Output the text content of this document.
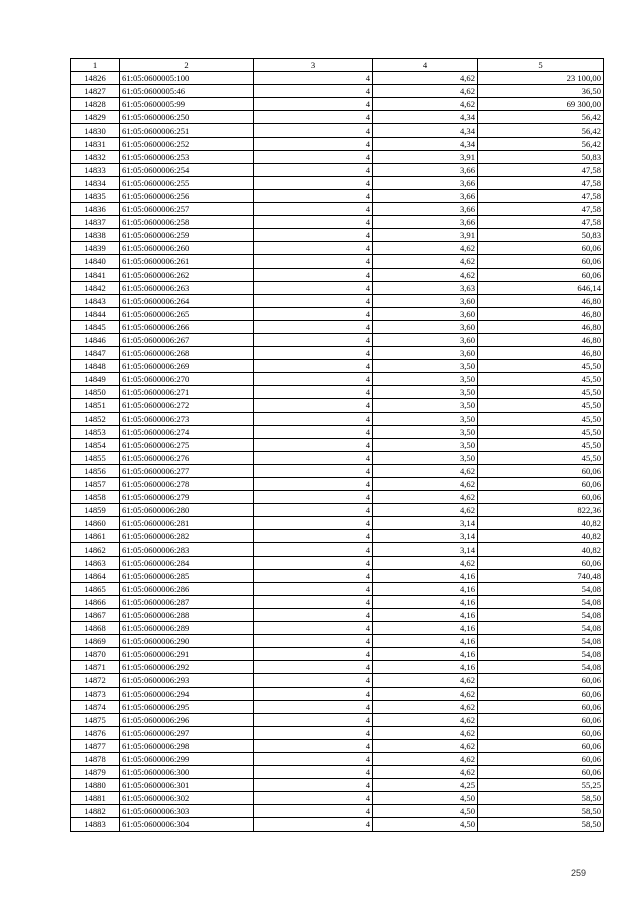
1	2	3	4	5
14826	61:05:0600005:100	4	4,62	23 100,00
14827	61:05:0600005:46	4	4,62	36,50
14828	61:05:0600005:99	4	4,62	69 300,00
14829	61:05:0600006:250	4	4,34	56,42
14830	61:05:0600006:251	4	4,34	56,42
14831	61:05:0600006:252	4	4,34	56,42
14832	61:05:0600006:253	4	3,91	50,83
14833	61:05:0600006:254	4	3,66	47,58
14834	61:05:0600006:255	4	3,66	47,58
14835	61:05:0600006:256	4	3,66	47,58
14836	61:05:0600006:257	4	3,66	47,58
14837	61:05:0600006:258	4	3,66	47,58
14838	61:05:0600006:259	4	3,91	50,83
14839	61:05:0600006:260	4	4,62	60,06
14840	61:05:0600006:261	4	4,62	60,06
14841	61:05:0600006:262	4	4,62	60,06
14842	61:05:0600006:263	4	3,63	646,14
14843	61:05:0600006:264	4	3,60	46,80
14844	61:05:0600006:265	4	3,60	46,80
14845	61:05:0600006:266	4	3,60	46,80
14846	61:05:0600006:267	4	3,60	46,80
14847	61:05:0600006:268	4	3,60	46,80
14848	61:05:0600006:269	4	3,50	45,50
14849	61:05:0600006:270	4	3,50	45,50
14850	61:05:0600006:271	4	3,50	45,50
14851	61:05:0600006:272	4	3,50	45,50
14852	61:05:0600006:273	4	3,50	45,50
14853	61:05:0600006:274	4	3,50	45,50
14854	61:05:0600006:275	4	3,50	45,50
14855	61:05:0600006:276	4	3,50	45,50
14856	61:05:0600006:277	4	4,62	60,06
14857	61:05:0600006:278	4	4,62	60,06
14858	61:05:0600006:279	4	4,62	60,06
14859	61:05:0600006:280	4	4,62	822,36
14860	61:05:0600006:281	4	3,14	40,82
14861	61:05:0600006:282	4	3,14	40,82
14862	61:05:0600006:283	4	3,14	40,82
14863	61:05:0600006:284	4	4,62	60,06
14864	61:05:0600006:285	4	4,16	740,48
14865	61:05:0600006:286	4	4,16	54,08
14866	61:05:0600006:287	4	4,16	54,08
14867	61:05:0600006:288	4	4,16	54,08
14868	61:05:0600006:289	4	4,16	54,08
14869	61:05:0600006:290	4	4,16	54,08
14870	61:05:0600006:291	4	4,16	54,08
14871	61:05:0600006:292	4	4,16	54,08
14872	61:05:0600006:293	4	4,62	60,06
14873	61:05:0600006:294	4	4,62	60,06
14874	61:05:0600006:295	4	4,62	60,06
14875	61:05:0600006:296	4	4,62	60,06
14876	61:05:0600006:297	4	4,62	60,06
14877	61:05:0600006:298	4	4,62	60,06
14878	61:05:0600006:299	4	4,62	60,06
14879	61:05:0600006:300	4	4,62	60,06
14880	61:05:0600006:301	4	4,25	55,25
14881	61:05:0600006:302	4	4,50	58,50
14882	61:05:0600006:303	4	4,50	58,50
14883	61:05:0600006:304	4	4,50	58,50
259
